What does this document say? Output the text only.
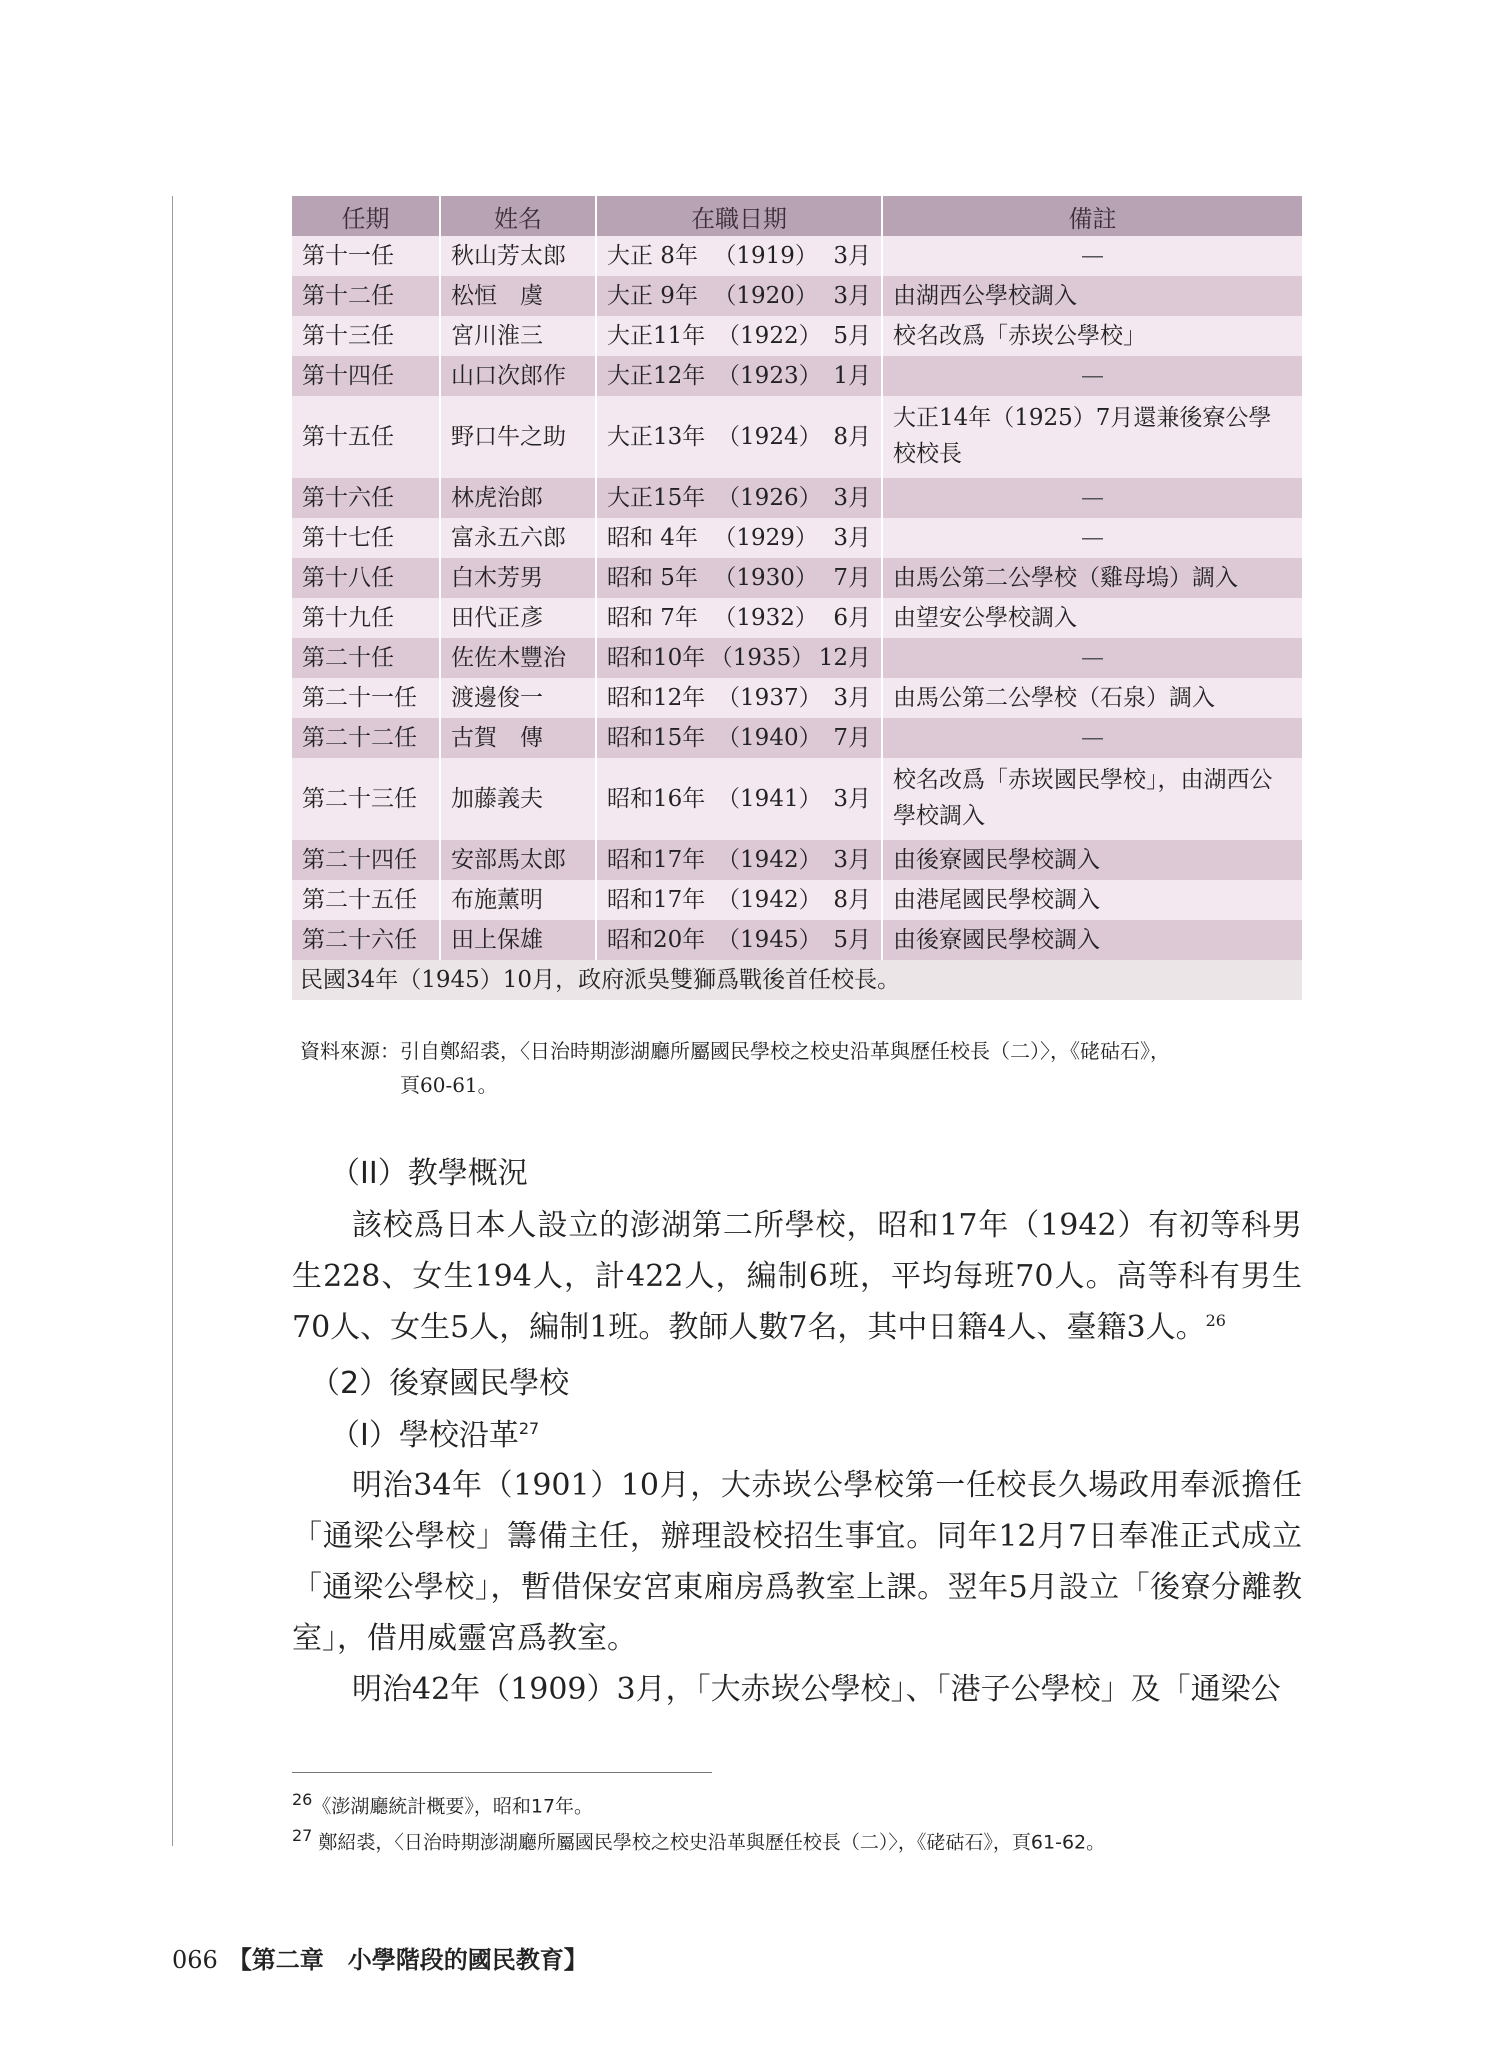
任期	姓名	在職日期	備註
第十一任	秋山芳太郎	大正 8年 （1919） 3月	—
第十二任	松恒　虞	大正 9年 （1920） 3月	由湖西公學校調入
第十三任	宮川淮三	大正11年 （1922） 5月	校名改爲「赤崁公學校」
第十四任	山口次郎作	大正12年 （1923） 1月	—
第十五任	野口牛之助	大正13年 （1924） 8月	大正14年（1925）7月還兼後寮公學校校長
第十六任	林虎治郎	大正15年 （1926） 3月	—
第十七任	富永五六郎	昭和 4年 （1929） 3月	—
第十八任	白木芳男	昭和 5年 （1930） 7月	由馬公第二公學校（雞母塢）調入
第十九任	田代正彥	昭和 7年 （1932） 6月	由望安公學校調入
第二十任	佐佐木豐治	昭和10年 （1935） 12月	—
第二十一任	渡邊俊一	昭和12年 （1937） 3月	由馬公第二公學校（石泉）調入
第二十二任	古賀　傳	昭和15年 （1940） 7月	—
第二十三任	加藤義夫	昭和16年 （1941） 3月	校名改爲「赤崁國民學校」，由湖西公學校調入
第二十四任	安部馬太郎	昭和17年 （1942） 3月	由後寮國民學校調入
第二十五任	布施薰明	昭和17年 （1942） 8月	由港尾國民學校調入
第二十六任	田上保雄	昭和20年 （1945） 5月	由後寮國民學校調入
民國34年（1945）10月，政府派吳雙獅爲戰後首任校長。			
資料來源：引自鄭紹裘，〈日治時期澎湖廳所屬國民學校之校史沿革與歷任校長（二）〉，《硓𥑮石》，
頁60-61。
（II）教學概況

該校爲日本人設立的澎湖第二所學校，昭和17年（1942）有初等科男生228、女生194人，計422人，編制6班，平均每班70人。高等科有男生70人、女生5人，編制1班。教師人數7名，其中日籍4人、臺籍3人。$^{26}$

（2）後寮國民學校
（I）學校沿革$^{27}$

明治34年（1901）10月，大赤崁公學校第一任校長久場政用奉派擔任「通梁公學校」籌備主任，辦理設校招生事宜。同年12月7日奉准正式成立「通梁公學校」，暫借保安宮東廂房爲教室上課。翌年5月設立「後寮分離教室」，借用威靈宮爲教室。

明治42年（1909）3月，「大赤崁公學校」、「港子公學校」及「通梁公

$^{26}$《澎湖廳統計概要》，昭和17年。
$^{27}$ 鄭紹裘，〈日治時期澎湖廳所屬國民學校之校史沿革與歷任校長（二）〉，《硓𥑮石》，頁61-62。
066 【第二章　小學階段的國民教育】
